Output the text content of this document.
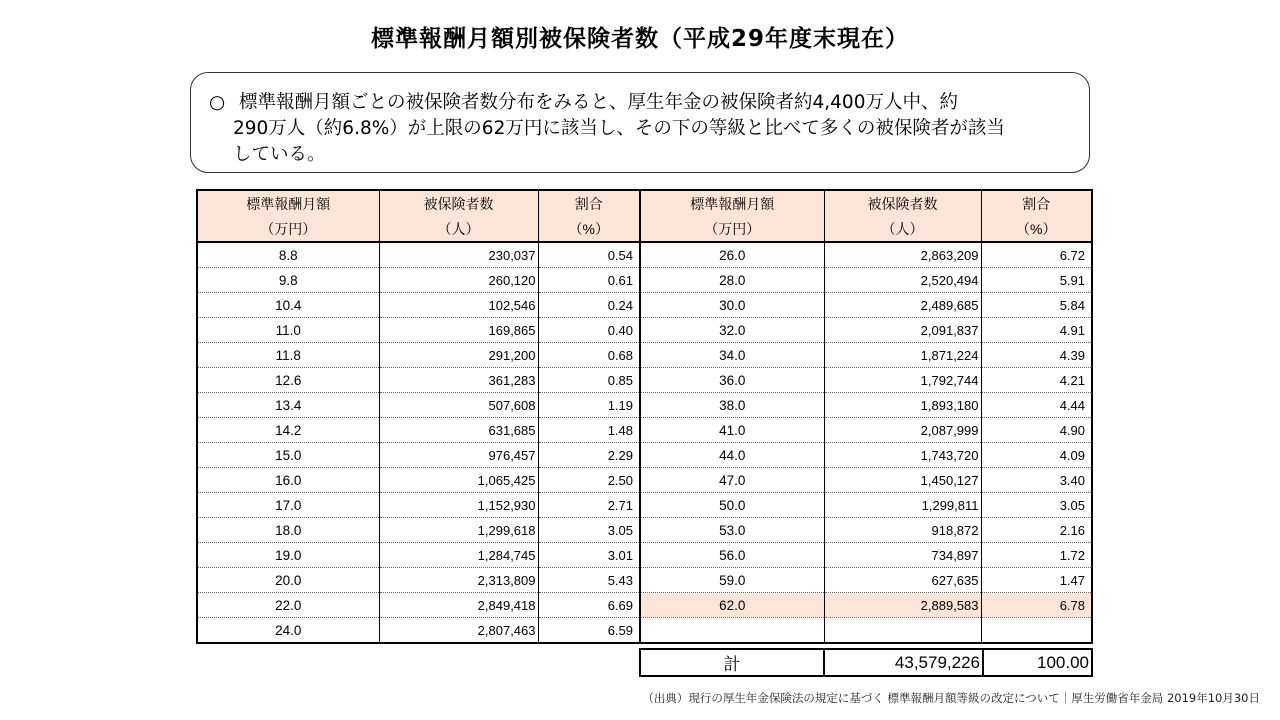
標準報酬月額別被保険者数（平成29年度末現在）
○ 標準報酬月額ごとの被保険者数分布をみると、厚生年金の被保険者約4,400万人中、約
290万人（約6.8%）が上限の62万円に該当し、その下の等級と比べて多くの被保険者が該当
している。
標準報酬月額	被保険者数	割合
（万円）	（人）	（%）
8.8	230,037	0.54
9.8	260,120	0.61
10.4	102,546	0.24
11.0	169,865	0.40
11.8	291,200	0.68
12.6	361,283	0.85
13.4	507,608	1.19
14.2	631,685	1.48
15.0	976,457	2.29
16.0	1,065,425	2.50
17.0	1,152,930	2.71
18.0	1,299,618	3.05
19.0	1,284,745	3.01
20.0	2,313,809	5.43
22.0	2,849,418	6.69
24.0	2,807,463	6.59
標準報酬月額	被保険者数	割合
（万円）	（人）	（%）
26.0	2,863,209	6.72
28.0	2,520,494	5.91
30.0	2,489,685	5.84
32.0	2,091,837	4.91
34.0	1,871,224	4.39
36.0	1,792,744	4.21
38.0	1,893,180	4.44
41.0	2,087,999	4.90
44.0	1,743,720	4.09
47.0	1,450,127	3.40
50.0	1,299,811	3.05
53.0	918,872	2.16
56.0	734,897	1.72
59.0	627,635	1.47
62.0	2,889,583	6.78

計	43,579,226	100.00
（出典）現行の厚生年金保険法の規定に基づく 標準報酬月額等級の改定について｜厚生労働省年金局 2019年10月30日
